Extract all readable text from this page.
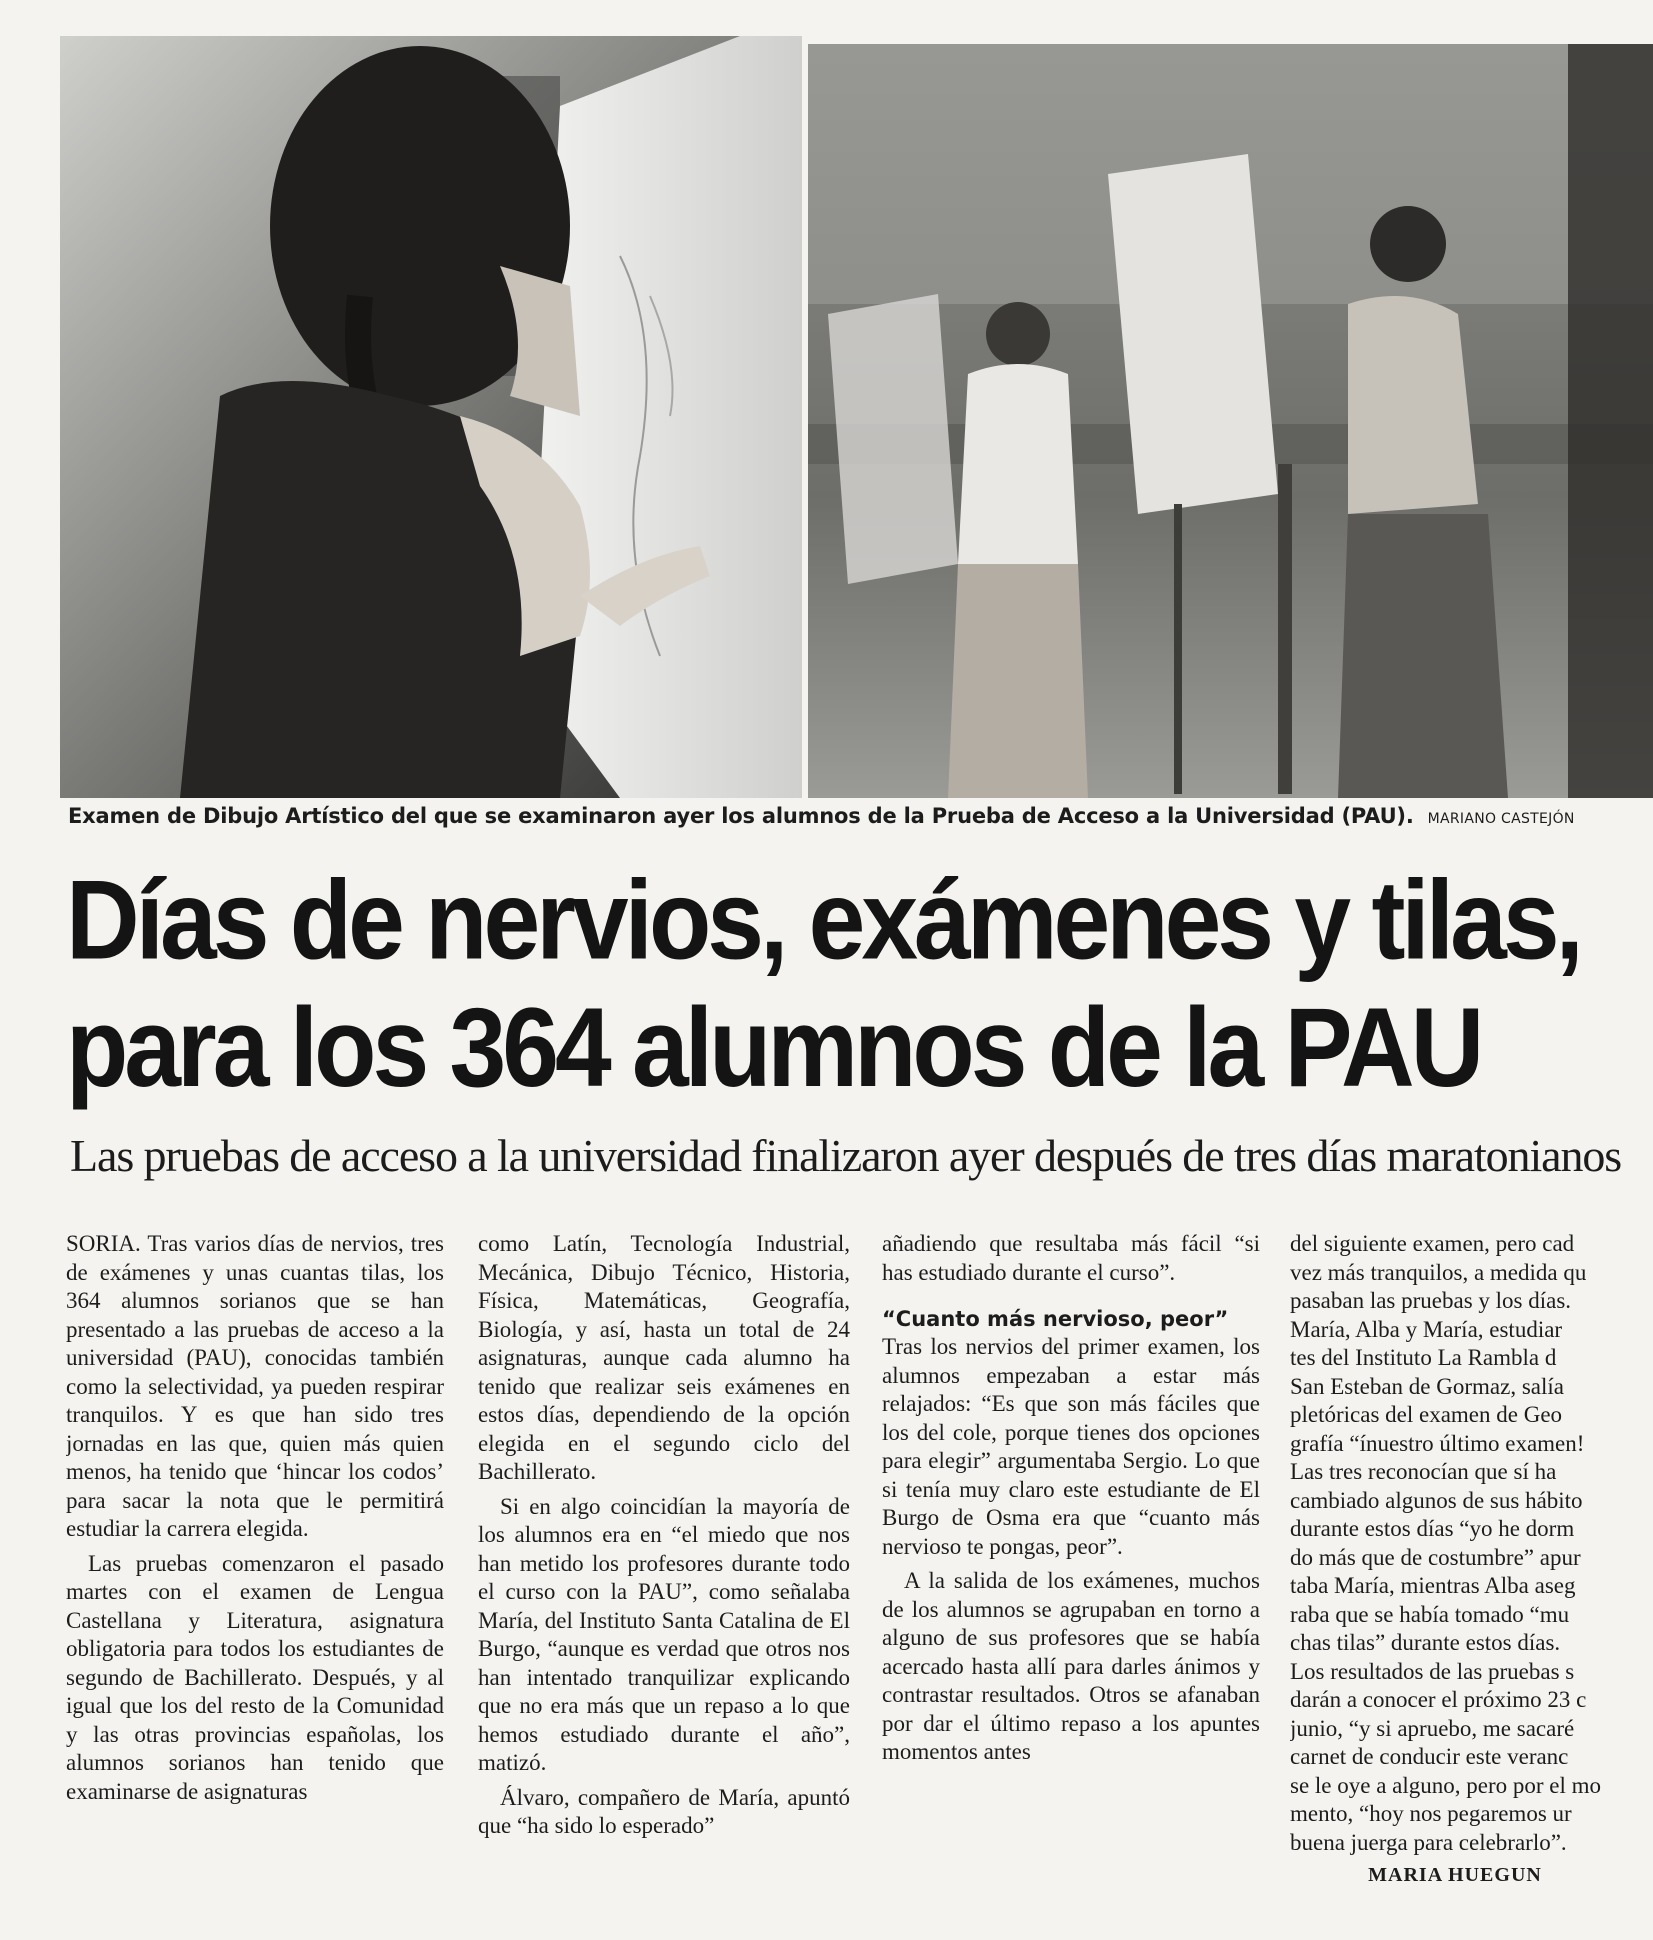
Examen de Dibujo Artístico del que se examinaron ayer los alumnos de la Prueba de Acceso a la Universidad (PAU). MARIANO CASTEJÓN
Días de nervios, exámenes y tilas,
para los 364 alumnos de la PAU
Las pruebas de acceso a la universidad finalizaron ayer después de tres días maratonianos

SORIA. Tras varios días de nervios, tres de exámenes y unas cuantas tilas, los 364 alumnos sorianos que se han presentado a las pruebas de acceso a la universidad (PAU), conocidas también como la selectividad, ya pueden respirar tranquilos. Y es que han sido tres jornadas en las que, quien más quien menos, ha tenido que ‘hincar los codos’ para sacar la nota que le permitirá estudiar la carrera elegida.

Las pruebas comenzaron el pasado martes con el examen de Lengua Castellana y Literatura, asignatura obligatoria para todos los estudiantes de segundo de Bachillerato. Después, y al igual que los del resto de la Comunidad y las otras provincias españolas, los alumnos sorianos han tenido que examinarse de asignaturas

como Latín, Tecnología Industrial, Mecánica, Dibujo Técnico, Historia, Física, Matemáticas, Geografía, Biología, y así, hasta un total de 24 asignaturas, aunque cada alumno ha tenido que realizar seis exámenes en estos días, dependiendo de la opción elegida en el segundo ciclo del Bachillerato.

Si en algo coincidían la mayoría de los alumnos era en “el miedo que nos han metido los profesores durante todo el curso con la PAU”, como señalaba María, del Instituto Santa Catalina de El Burgo, “aunque es verdad que otros nos han intentado tranquilizar explicando que no era más que un repaso a lo que hemos estudiado durante el año”, matizó.

Álvaro, compañero de María, apuntó que “ha sido lo esperado”

añadiendo que resultaba más fácil “si has estudiado durante el curso”.

“Cuanto más nervioso, peor”

Tras los nervios del primer examen, los alumnos empezaban a estar más relajados: “Es que son más fáciles que los del cole, porque tienes dos opciones para elegir” argumentaba Sergio. Lo que si tenía muy claro este estudiante de El Burgo de Osma era que “cuanto más nervioso te pongas, peor”.

A la salida de los exámenes, muchos de los alumnos se agrupaban en torno a alguno de sus profesores que se había acercado hasta allí para darles ánimos y contrastar resultados. Otros se afanaban por dar el último repaso a los apuntes momentos antes

del siguiente examen, pero cad

vez más tranquilos, a medida qu

pasaban las pruebas y los días.

María, Alba y María, estudiar

tes del Instituto La Rambla d

San Esteban de Gormaz, salía

pletóricas del examen de Geo

grafía “ínuestro último examen!

Las tres reconocían que sí ha

cambiado algunos de sus hábito

durante estos días “yo he dorm

do más que de costumbre” apur

taba María, mientras Alba aseg

raba que se había tomado “mu

chas tilas” durante estos días.

Los resultados de las pruebas s

darán a conocer el próximo 23 c

junio, “y si apruebo, me sacaré

carnet de conducir este veranc

se le oye a alguno, pero por el mo

mento, “hoy nos pegaremos ur

buena juerga para celebrarlo”.

MARIA HUEGUN
